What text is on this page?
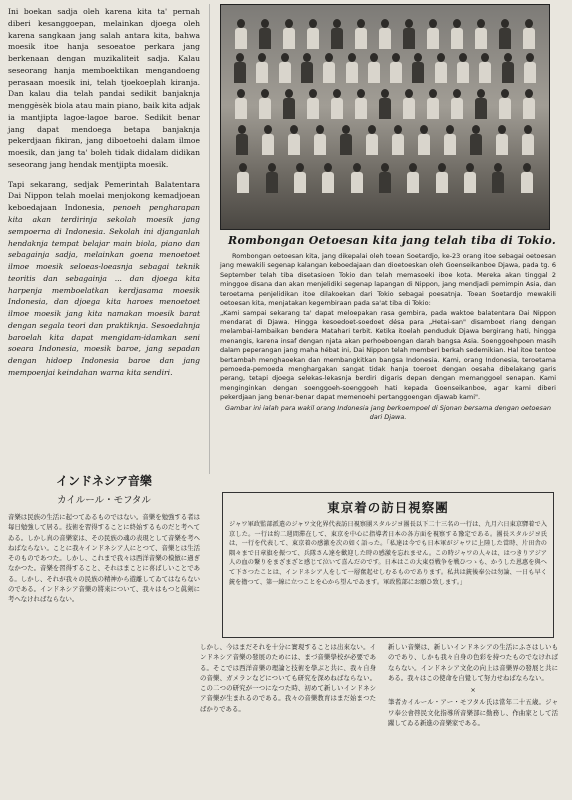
Ini boekan sadja oleh karena kita ta' pernah diberi kesanggoepan, melainkan djoega oleh karena sangkaan jang salah antara kita, bahwa moesik itoe hanja sesoeatoe perkara jang berkenaan dengan muzikaliteit sadja. Kalau seseorang hanja memboektikan mengandoeng perasaan moesik ini, telah tjoekoeplah kiranja. Dan kalau dia telah pandai sedikit banjaknja menggèsèk biola atau main piano, baik kita adjak ia mantjipta lagoe-lagoe baroe. Sedikit benar jang dapat mendoega betapa banjaknja pekerdjaan fikiran, jang diboetoehi dalam ilmoe moesik, dan jang ta' boleh tidak didalam didikan seseorang jang hendak mentjipta moesik.

Tapi sekarang, sedjak Pemerintah Balatentara Dai Nippon telah moelai menjokong kemadjoean keboedajaan Indonesia, penoeh pengharapan kita akan terdirinja sekolah moesik jang sempoerna di Indonesia. Sekolah ini djanganlah hendaknja tempat belajar main biola, piano dan sebagainja sadja, melainkan goena menoetoet ilmoe moesik seloeas-loeasnja sebagai teknik teoritis dan sebagainja ... dan djoega kita harpenja memboelatkan kerdjasama moesik Indonesia, dan djoega kita haroes menoetoet ilmoe moesik jang kita namakan moesik barat dengan segala teori dan praktiknja. Sesoedahnja baroelah kita dapat mengidam-idamkan seni soeara Indonesia, moesik baroe, jang sepadan dengan hidoep Indonesia baroe dan jang mempoenjai keindahan warna kita sendiri.

Rombongan Oetoesan kita jang telah tiba di Tokio.

Rombongan oetoesan kita, jang dikepalai oleh toean Soetardjo, ke-23 orang itoe sebagai oetoesan jang mewakili segenap kalangan keboedajaan dan dioetoeskan oleh Goenseikanboe Djawa, pada tg. 6 September telah tiba disetasioen Tokio dan telah memasoeki iboe kota. Mereka akan tinggal 2 minggoe disana dan akan menjelidiki segenap lapangan di Nippon, jang mendjadi pemimpin Asia, dan teroetama penjelidikan itoe dilakoekan dari Tokio sebagai poesatnja. Toean Soetardjo mewakili oetoesan kita, menjatakan kegembiraan pada sa'at tiba di Tokio:

„Kami sampai sekarang ta' dapat meloepakan rasa gembira, pada waktoe balatentara Dai Nippon mendarat di Djawa. Hingga kesoedoet-soedoet désa para „Hetai-san" disamboet riang dengan melambai-lambaikan bendera Matahari terbit. Ketika itoelah penduduk Djawa bergirang hati, hingga menangis, karena insaf dengan njata akan perhoeboengan darah bangsa Asia. Soenggoehpoen masih dalam peperangan jang maha hébat ini, Dai Nippon telah memberi berkah sedemikian. Hal itoe tentoe bertambah menghaoekan dan membangkitkan bangsa Indonesia. Kami, orang Indonesia, teroetama pemoeda-pemoeda menghargakan sangat tidak hanja toeroet dengan oesaha dibelakang garis perang, tetapi djoega selekas-lekasnja berdiri digaris depan dengan memanggoel senapan. Kami menginginkan dengan soenggoeh-soenggoeh hati kepada Goenseikanboe, agar kami diberi pekerdjaan jang benar-benar dapat memenoehi pertanggoengan djawab kami".

Gambar ini ialah para wakil orang Indonesia jang berkoempoel di Sjonan bersama dengan oetoesan dari Djawa.

東京着の訪日視察團
ジャワ軍政監部派遣のジャワ文化界代表訪日視察團スタルジヨ團長以下二十三名の一行は、九月六日東京驛着で入京した。一行は約二週間滞在して、東京を中心に指導者日本の各方面を視察する豫定である。團長スタルジヨ氏は、一行を代表して、東京着の感激を次の如く語った。「私達は今でも日本軍がジャワに上陸した當時、片田舎の隅々まで日章旗を振つて、兵隊さん達を歡迎した時の感激を忘れません。この時ジャワの人々は、はつきりアジア人の血の繋りをまざまざと感じて泣いて喜んだのです。日本はこの大東亞戦争を戦ひつゝも、かうした恩惠を與へて下さつたことは、インドネシア人をして一層奮起せしむるものであります。私共は銃後奉公は勿論、一日も早く銃を擔つて、第一線に立つことを心から望んでゐます。軍政監部にお願ひ致します。」
インドネシア音樂
カイルール・モフタル
音樂は民族の生活に起つてゐるものではない。音樂を勉強する者は毎日勉強して居る。技術を習得することに終始するものだと考へてゐる。しかし真の音樂家は、その民族の魂の表現として音樂を考へねばならない。ことに我々インドネシア人にとつて、音樂とは生活そのものであつた。しかし、これまで我々は西洋音樂の模倣に過ぎなかつた。音樂を習得すること、それはまことに喜ばしいことである。しかし、それが我々の民族の精神から遊離してゐてはならないのである。インドネシア音樂の將來について、我々はもつと眞剣に考へなければならない。
しかし、今はまだそれを十分に實現することは出來ない。インドネシア音樂の發展のためには、まづ音樂學校が必要である。そこでは西洋音樂の理論と技術を學ぶと共に、我々自身の音樂、ガメランなどについても研究を深めねばならない。この二つの研究が一つになつた時、初めて新しいインドネシア音樂が生まれるのである。我々の音樂教育はまだ始まつたばかりである。
新しい音樂は、新しいインドネシアの生活にふさはしいものであり、しかも我々自身の色彩を持つたものでなければならない。インドネシア文化の向上は音樂界の發展と共にある。我々はこの使命を自覺して努力せねばならない。
×
筆者カイルール・アー・モフタル氏は當年二十五歳。ジャワ奉公會啓民文化指導所音樂部に勤務し、作曲家として活躍してゐる新進の音樂家である。
